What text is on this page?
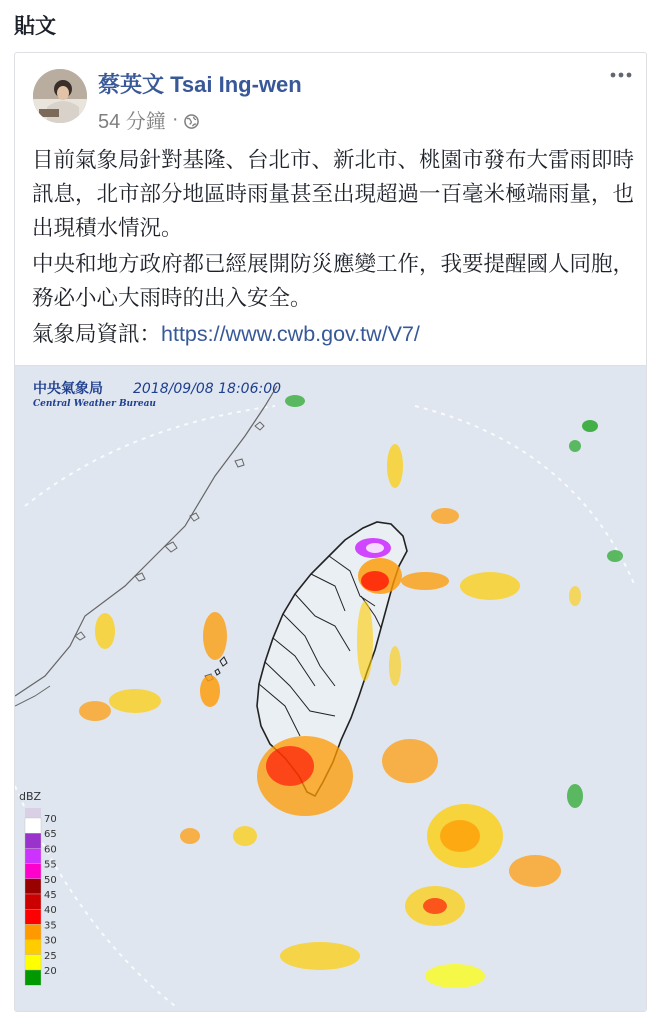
貼文
蔡英文 Tsai Ing-wen
54 分鐘 ·
目前氣象局針對基隆、台北市、新北市、桃園市發布大雷雨即時訊息，北市部分地區時雨量甚至出現超過一百毫米極端雨量，也出現積水情況。
中央和地方政府都已經展開防災應變工作，我要提醒國人同胞，務必小心大雨時的出入安全。
氣象局資訊：https://www.cwb.gov.tw/V7/
中央氣象局 2018/09/08 18:06:00
Central Weather Bureau
dBZ
70
65
60
55
50
45
40
35
30
25
20
